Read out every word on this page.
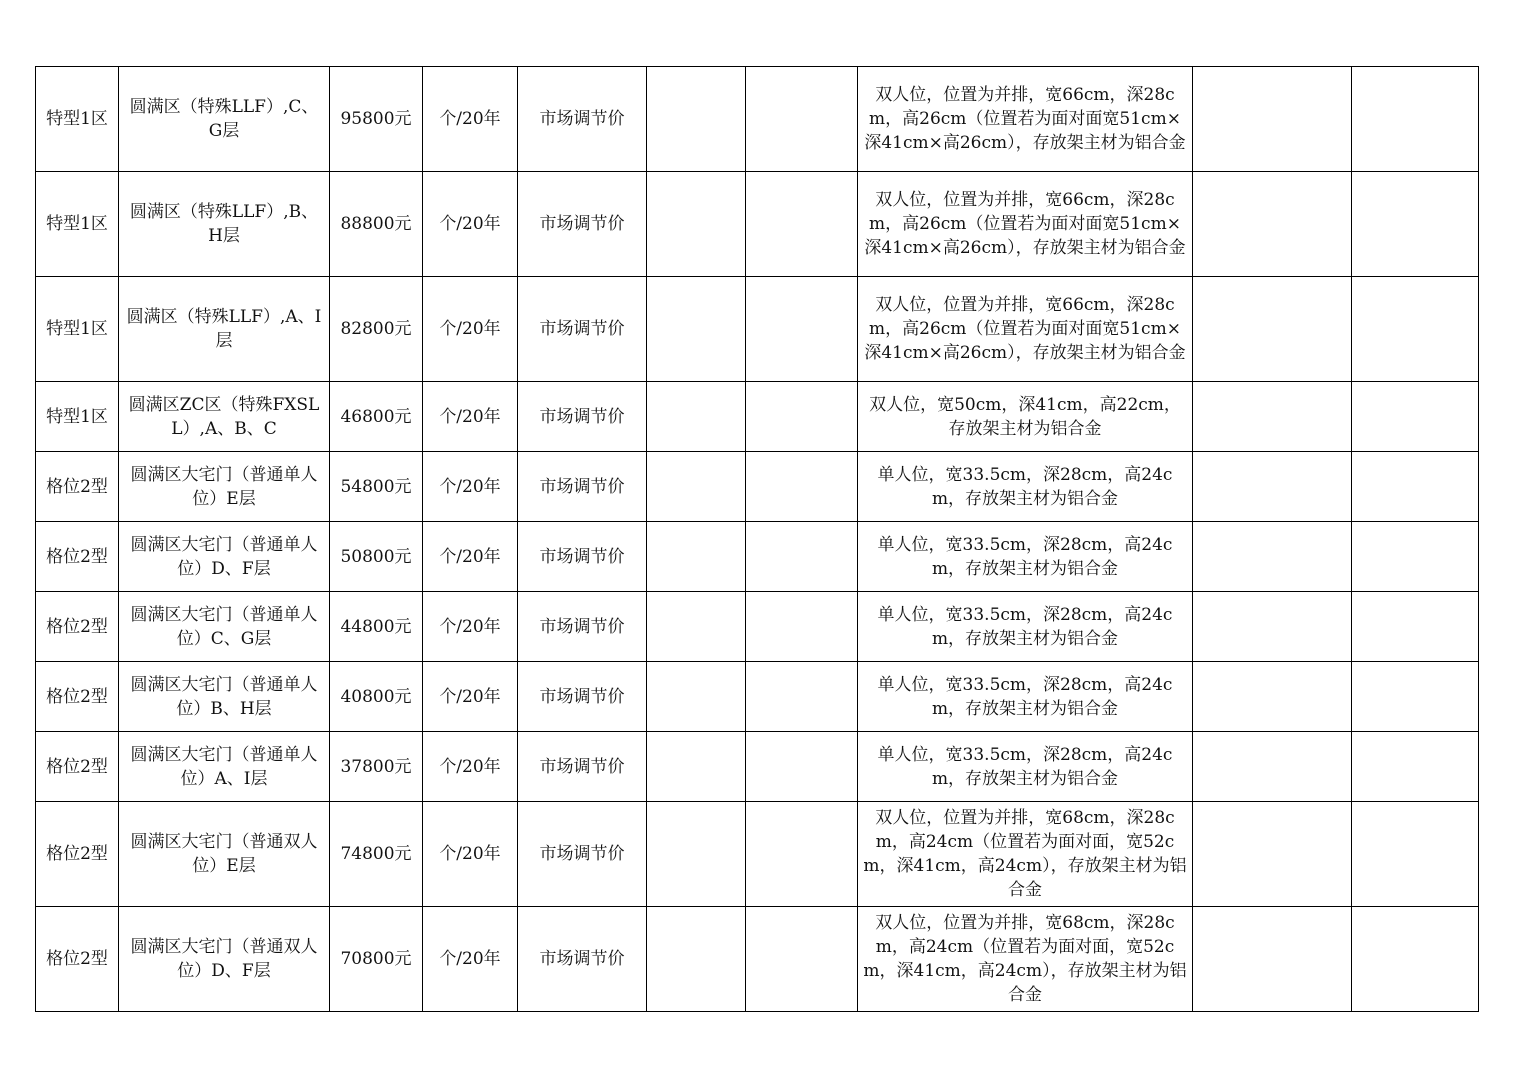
特型1区	圆满区（特殊LLF）,C、G层	95800元	个/20年	市场调节价			双人位，位置为并排，宽66cm，深28cm，高26cm（位置若为面对面宽51cm×深41cm×高26cm），存放架主材为铝合金		
特型1区	圆满区（特殊LLF）,B、H层	88800元	个/20年	市场调节价			双人位，位置为并排，宽66cm，深28cm，高26cm（位置若为面对面宽51cm×深41cm×高26cm），存放架主材为铝合金		
特型1区	圆满区（特殊LLF）,A、I层	82800元	个/20年	市场调节价			双人位，位置为并排，宽66cm，深28cm，高26cm（位置若为面对面宽51cm×深41cm×高26cm），存放架主材为铝合金		
特型1区	圆满区ZC区（特殊FXSLL）,A、B、C	46800元	个/20年	市场调节价			双人位，宽50cm，深41cm，高22cm，存放架主材为铝合金		
格位2型	圆满区大宅门（普通单人位）E层	54800元	个/20年	市场调节价			单人位，宽33.5cm，深28cm，高24cm，存放架主材为铝合金		
格位2型	圆满区大宅门（普通单人位）D、F层	50800元	个/20年	市场调节价			单人位，宽33.5cm，深28cm，高24cm，存放架主材为铝合金		
格位2型	圆满区大宅门（普通单人位）C、G层	44800元	个/20年	市场调节价			单人位，宽33.5cm，深28cm，高24cm，存放架主材为铝合金		
格位2型	圆满区大宅门（普通单人位）B、H层	40800元	个/20年	市场调节价			单人位，宽33.5cm，深28cm，高24cm，存放架主材为铝合金		
格位2型	圆满区大宅门（普通单人位）A、I层	37800元	个/20年	市场调节价			单人位，宽33.5cm，深28cm，高24cm，存放架主材为铝合金		
格位2型	圆满区大宅门（普通双人位）E层	74800元	个/20年	市场调节价			双人位，位置为并排，宽68cm，深28cm，高24cm（位置若为面对面，宽52cm，深41cm，高24cm），存放架主材为铝合金		
格位2型	圆满区大宅门（普通双人位）D、F层	70800元	个/20年	市场调节价			双人位，位置为并排，宽68cm，深28cm，高24cm（位置若为面对面，宽52cm，深41cm，高24cm），存放架主材为铝合金		
